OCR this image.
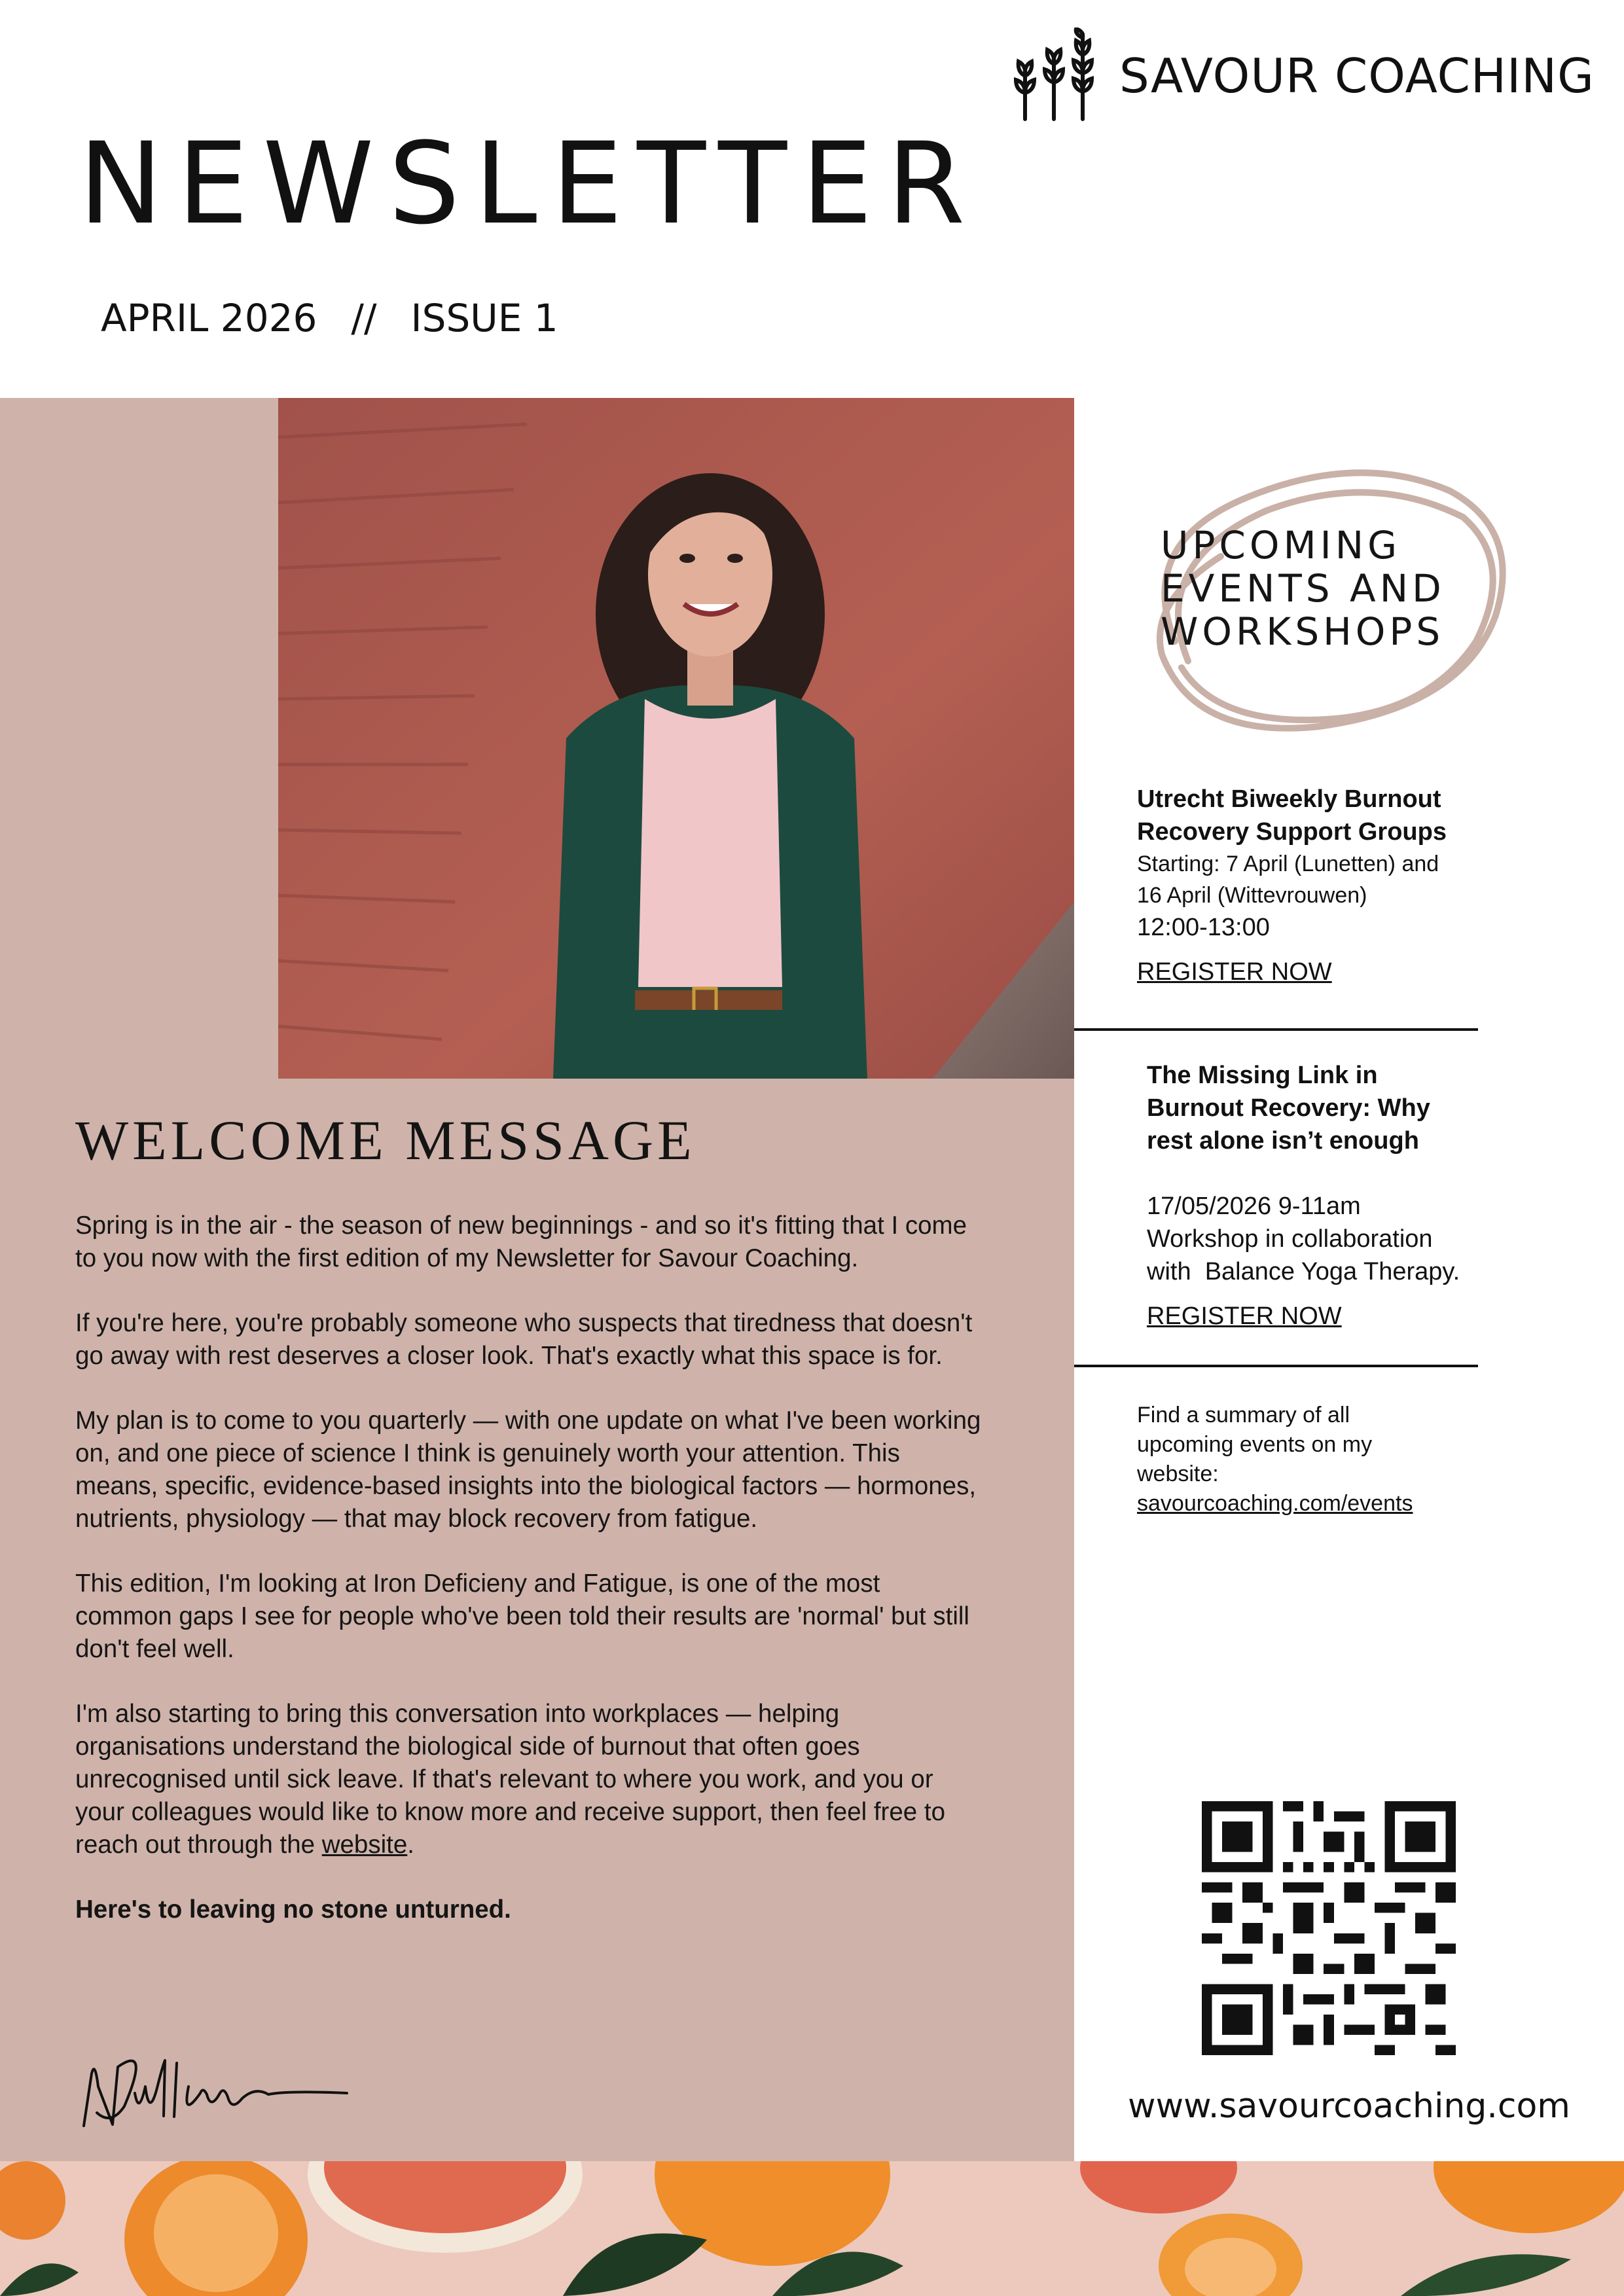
SAVOUR COACHING
NEWSLETTER
APRIL 2026 // ISSUE 1
WELCOME MESSAGE

Spring is in the air - the season of new beginnings - and so it's fitting that I come to you now with the first edition of my Newsletter for Savour Coaching.

If you're here, you're probably someone who suspects that tiredness that doesn't go away with rest deserves a closer look. That's exactly what this space is for.

My plan is to come to you quarterly — with one update on what I've been working on, and one piece of science I think is genuinely worth your attention. This means, specific, evidence-based insights into the biological factors — hormones, nutrients, physiology — that may block recovery from fatigue.

This edition, I'm looking at Iron Deficieny and Fatigue, is one of the most common gaps I see for people who've been told their results are 'normal' but still don't feel well.

I'm also starting to bring this conversation into workplaces — helping organisations understand the biological side of burnout that often goes unrecognised until sick leave. If that's relevant to where you work, and you or your colleagues would like to know more and receive support, then feel free to reach out through the website.

Here's to leaving no stone unturned.

UPCOMING
EVENTS AND
WORKSHOPS
Utrecht Biweekly Burnout
Recovery Support Groups
Starting: 7 April (Lunetten) and
16 April (Wittevrouwen)
12:00-13:00
REGISTER NOW
The Missing Link in
Burnout Recovery: Why
rest alone isn’t enough
17/05/2026 9-11am
Workshop in collaboration
with  Balance Yoga Therapy.
REGISTER NOW
Find a summary of all
upcoming events on my
website:
savourcoaching.com/events
www.savourcoaching.com
